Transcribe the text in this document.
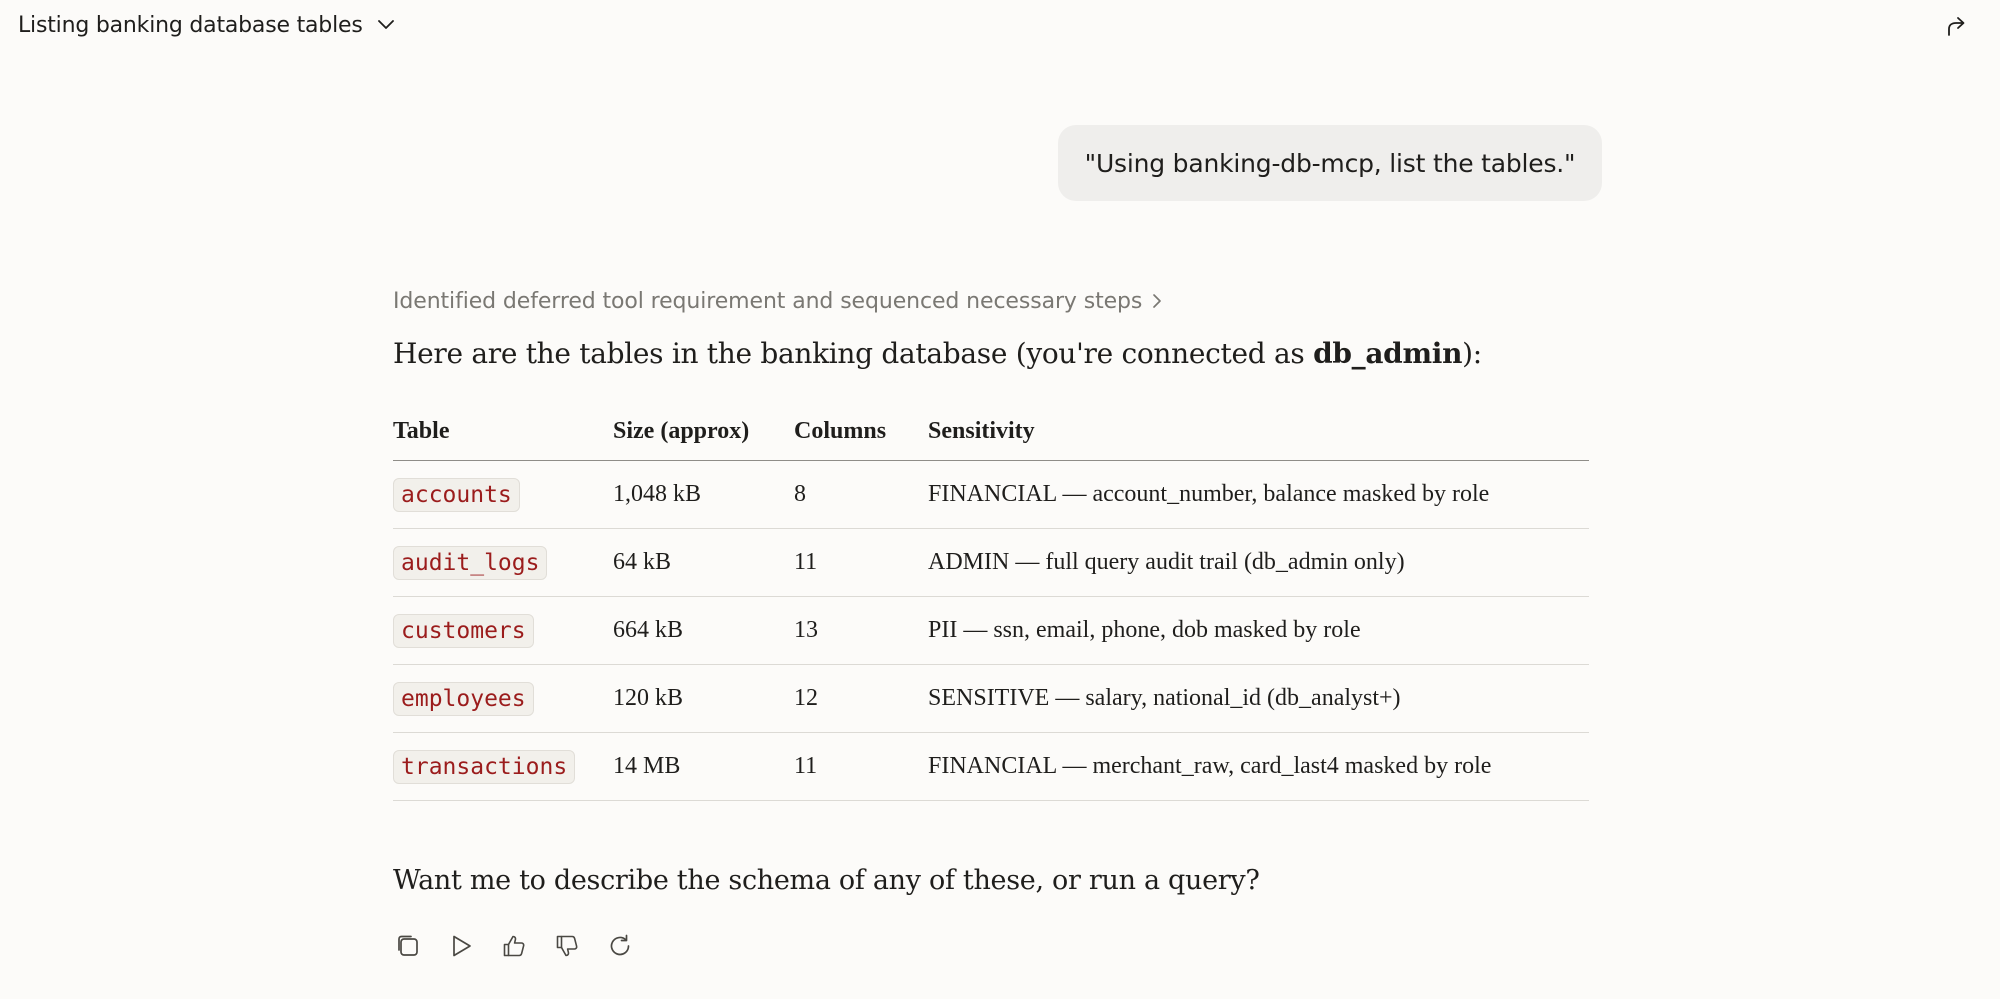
Listing banking database tables
"Using banking-db-mcp, list the tables."
Identified deferred tool requirement and sequenced necessary steps
Here are the tables in the banking database (you're connected as db_admin):
Table	Size (approx)	Columns	Sensitivity
accounts	1,048 kB	8	FINANCIAL — account_number, balance masked by role
audit_logs	64 kB	11	ADMIN — full query audit trail (db_admin only)
customers	664 kB	13	PII — ssn, email, phone, dob masked by role
employees	120 kB	12	SENSITIVE — salary, national_id (db_analyst+)
transactions	14 MB	11	FINANCIAL — merchant_raw, card_last4 masked by role
Want me to describe the schema of any of these, or run a query?
